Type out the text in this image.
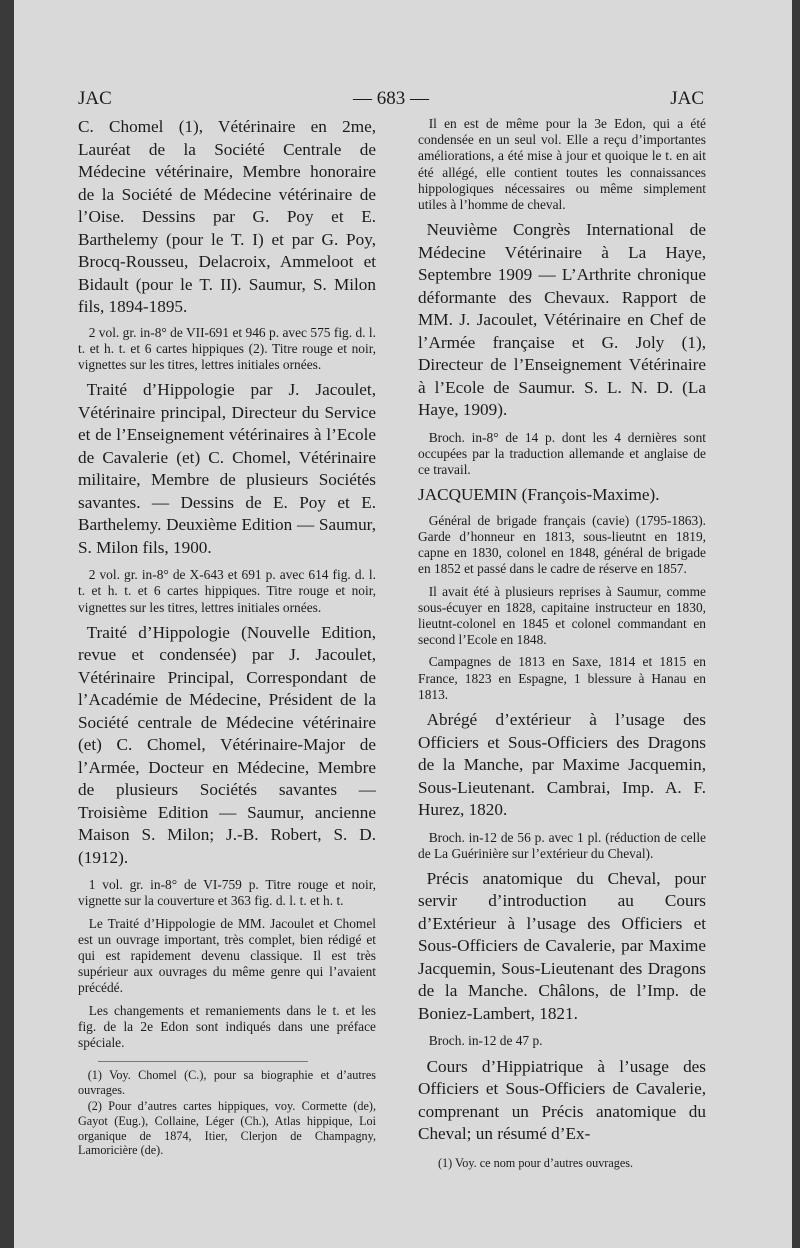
JAC	— 683 —	JAC

C. Chomel (1), Vétérinaire en 2me, Lauréat de la Société Centrale de Médecine vétérinaire, Membre honoraire de la Société de Médecine vétérinaire de l’Oise. Dessins par G. Poy et E. Barthelemy (pour le T. I) et par G. Poy, Brocq-Rousseu, Delacroix, Ammeloot et Bidault (pour le T. II). Saumur, S. Milon fils, 1894-1895.

2 vol. gr. in-8° de VII-691 et 946 p. avec 575 fig. d. l. t. et h. t. et 6 cartes hippiques (2). Titre rouge et noir, vignettes sur les titres, lettres initiales ornées.

Traité d’Hippologie par J. Jacoulet, Vétérinaire principal, Directeur du Service et de l’Enseignement vétérinaires à l’Ecole de Cavalerie (et) C. Chomel, Vétérinaire militaire, Membre de plusieurs Sociétés savantes. — Dessins de E. Poy et E. Barthelemy. Deuxième Edition — Saumur, S. Milon fils, 1900.

2 vol. gr. in-8° de X-643 et 691 p. avec 614 fig. d. l. t. et h. t. et 6 cartes hippiques. Titre rouge et noir, vignettes sur les titres, lettres initiales ornées.

Traité d’Hippologie (Nouvelle Edition, revue et condensée) par J. Jacoulet, Vétérinaire Principal, Correspondant de l’Académie de Médecine, Président de la Société centrale de Médecine vétérinaire (et) C. Chomel, Vétérinaire-Major de l’Armée, Docteur en Médecine, Membre de plusieurs Sociétés savantes — Troisième Edition — Saumur, ancienne Maison S. Milon; J.-B. Robert, S. D. (1912).

1 vol. gr. in-8° de VI-759 p. Titre rouge et noir, vignette sur la couverture et 363 fig. d. l. t. et h. t.

Le Traité d’Hippologie de MM. Jacoulet et Chomel est un ouvrage important, très complet, bien rédigé et qui est rapidement devenu classique. Il est très supérieur aux ouvrages du même genre qui l’avaient précédé.

Les changements et remaniements dans le t. et les fig. de la 2e Edon sont indiqués dans une préface spéciale.

(1) Voy. Chomel (C.), pour sa biographie et d’autres ouvrages.

(2) Pour d’autres cartes hippiques, voy. Cormette (de), Gayot (Eug.), Collaine, Léger (Ch.), Atlas hippique, Loi organique de 1874, Itier, Clerjon de Champagny, Lamoricière (de).

Il en est de même pour la 3e Edon, qui a été condensée en un seul vol. Elle a reçu d’importantes améliorations, a été mise à jour et quoique le t. en ait été allégé, elle contient toutes les connaissances hippologiques nécessaires ou même simplement utiles à l’homme de cheval.

Neuvième Congrès International de Médecine Vétérinaire à La Haye, Septembre 1909 — L’Arthrite chronique déformante des Chevaux. Rapport de MM. J. Jacoulet, Vétérinaire en Chef de l’Armée française et G. Joly (1), Directeur de l’Enseignement Vétérinaire à l’Ecole de Saumur. S. L. N. D. (La Haye, 1909).

Broch. in-8° de 14 p. dont les 4 dernières sont occupées par la traduction allemande et anglaise de ce travail.

JACQUEMIN (François-Maxime).

Général de brigade français (cavie) (1795-1863). Garde d’honneur en 1813, sous-lieutnt en 1819, capne en 1830, colonel en 1848, général de brigade en 1852 et passé dans le cadre de réserve en 1857.

Il avait été à plusieurs reprises à Saumur, comme sous-écuyer en 1828, capitaine instructeur en 1830, lieutnt-colonel en 1845 et colonel commandant en second l’Ecole en 1848.

Campagnes de 1813 en Saxe, 1814 et 1815 en France, 1823 en Espagne, 1 blessure à Hanau en 1813.

Abrégé d’extérieur à l’usage des Officiers et Sous-Officiers des Dragons de la Manche, par Maxime Jacquemin, Sous-Lieutenant. Cambrai, Imp. A. F. Hurez, 1820.

Broch. in-12 de 56 p. avec 1 pl. (réduction de celle de La Guérinière sur l’extérieur du Cheval).

Précis anatomique du Cheval, pour servir d’introduction au Cours d’Extérieur à l’usage des Officiers et Sous-Officiers de Cavalerie, par Maxime Jacquemin, Sous-Lieutenant des Dragons de la Manche. Châlons, de l’Imp. de Boniez-Lambert, 1821.

Broch. in-12 de 47 p.

Cours d’Hippiatrique à l’usage des Officiers et Sous-Officiers de Cavalerie, comprenant un Précis anatomique du Cheval; un résumé d’Ex-

(1) Voy. ce nom pour d’autres ouvrages.
